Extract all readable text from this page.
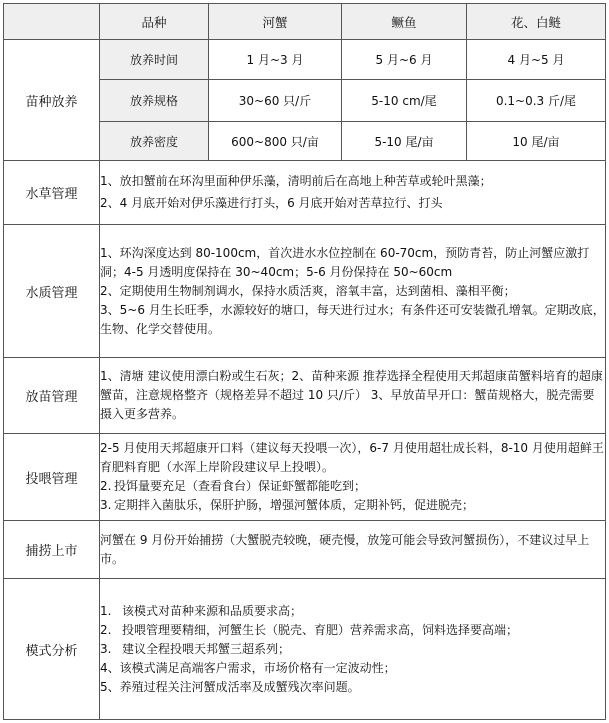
	品种	河蟹	鳜鱼	花、白鲢
苗种放养	放养时间	1 月~3 月	5 月~6 月	4 月~5 月
	放养规格	30~60 只/斤	5-10 cm/尾	0.1~0.3 斤/尾
	放养密度	600~800 只/亩	5-10 尾/亩	10 尾/亩
水草管理	1、放扣蟹前在环沟里面种伊乐藻，清明前后在高地上种苦草或轮叶黑藻；

2、4 月底开始对伊乐藻进行打头，6 月底开始对苦草拉行、打头			

水质管理	1、环沟深度达到 80-100cm，首次进水水位控制在 60-70cm，预防青苔，防止河蟹应激打洞；4-5 月透明度保持在 30~40cm；5-6 月份保持在 50~60cm

2、定期使用生物制剂调水，保持水质活爽，溶氧丰富，达到菌相、藻相平衡；

3、5~6 月生长旺季，水源较好的塘口，每天进行过水；有条件还可安装微孔增氧。定期改底，生物、化学交替使用。			

放苗管理	1、清塘 建议使用漂白粉或生石灰；2、苗种来源 推荐选择全程使用天邦超康苗蟹料培育的超康蟹苗，注意规格整齐（规格差异不超过 10 只/斤） 3、早放苗早开口：蟹苗规格大，脱壳需要摄入更多营养。			

投喂管理	2-5 月使用天邦超康开口料（建议每天投喂一次），6-7 月使用超壮成长料，8-10 月使用超鲜王育肥料育肥（水浑上岸阶段建议早上投喂）。

2. 投饵量要充足（查看食台）保证虾蟹都能吃到；

3. 定期拌入菌肽乐，保肝护肠，增强河蟹体质，定期补钙，促进脱壳；			

捕捞上市	河蟹在 9 月份开始捕捞（大蟹脱壳较晚，硬壳慢，放笼可能会导致河蟹损伤），不建议过早上市。			

模式分析	1. 该模式对苗种来源和品质要求高；

2. 投喂管理要精细，河蟹生长（脱壳、育肥）营养需求高，饲料选择要高端；

3. 建议全程投喂天邦蟹三超系列；

4、该模式满足高端客户需求，市场价格有一定波动性；

5、养殖过程关注河蟹成活率及成蟹残次率问题。			
